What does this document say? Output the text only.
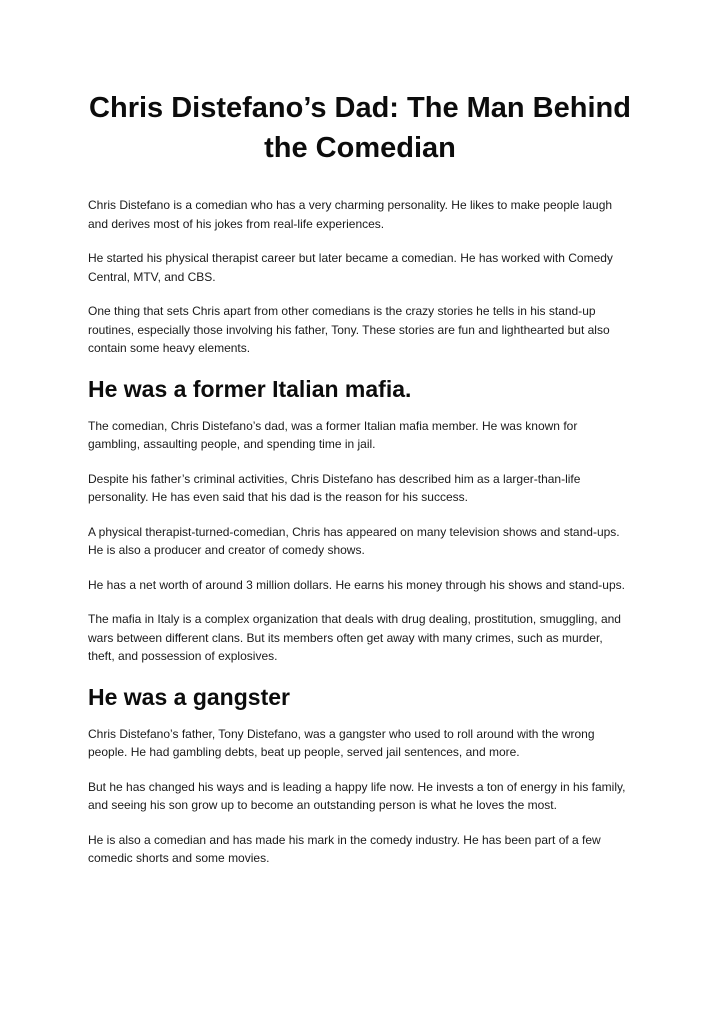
Chris Distefano’s Dad: The Man Behind the Comedian

Chris Distefano is a comedian who has a very charming personality. He likes to make people laugh and derives most of his jokes from real-life experiences.

He started his physical therapist career but later became a comedian. He has worked with Comedy Central, MTV, and CBS.

One thing that sets Chris apart from other comedians is the crazy stories he tells in his stand-up routines, especially those involving his father, Tony. These stories are fun and lighthearted but also contain some heavy elements.

He was a former Italian mafia.

The comedian, Chris Distefano’s dad, was a former Italian mafia member. He was known for gambling, assaulting people, and spending time in jail.

Despite his father’s criminal activities, Chris Distefano has described him as a larger-than-life personality. He has even said that his dad is the reason for his success.

A physical therapist-turned-comedian, Chris has appeared on many television shows and stand-ups. He is also a producer and creator of comedy shows.

He has a net worth of around 3 million dollars. He earns his money through his shows and stand-ups.

The mafia in Italy is a complex organization that deals with drug dealing, prostitution, smuggling, and wars between different clans. But its members often get away with many crimes, such as murder, theft, and possession of explosives.

He was a gangster

Chris Distefano’s father, Tony Distefano, was a gangster who used to roll around with the wrong people. He had gambling debts, beat up people, served jail sentences, and more.

But he has changed his ways and is leading a happy life now. He invests a ton of energy in his family, and seeing his son grow up to become an outstanding person is what he loves the most.

He is also a comedian and has made his mark in the comedy industry. He has been part of a few comedic shorts and some movies.
